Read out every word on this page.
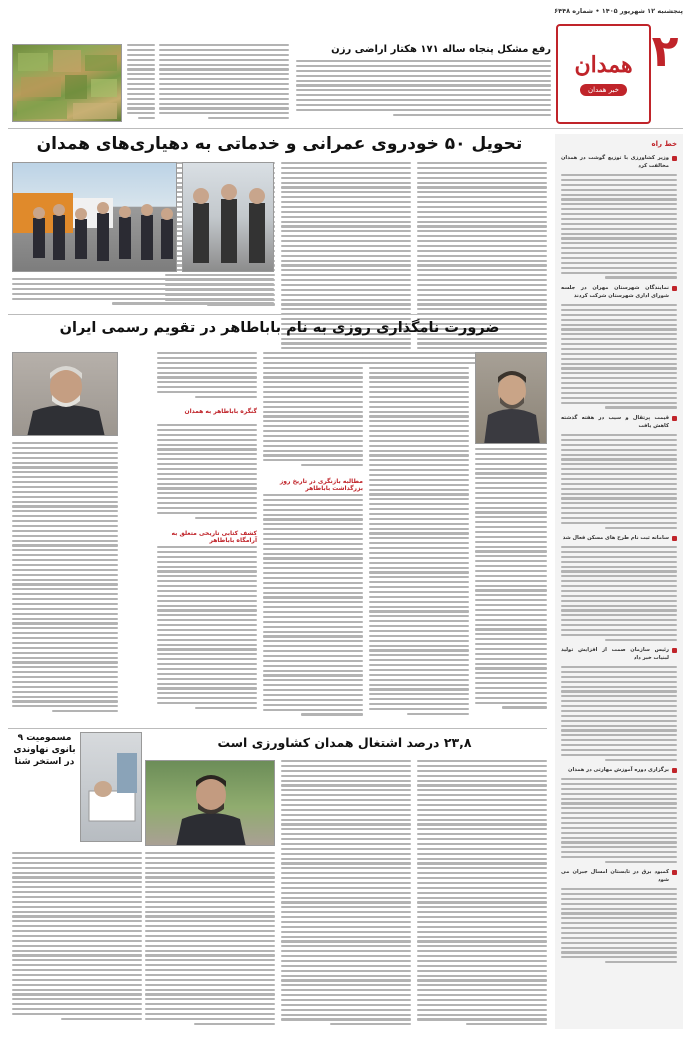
پنجشنبه ۱۲ شهریور ۱۴۰۵ • شماره ۶۴۴۸
۲
همدان
خبر همدان
رفع مشکل پنجاه ساله ۱۷۱ هکتار اراضی رزن
خط راه
وزیر کشاورزی با توزیع گوشت در همدان مخالفت کرد
نمایندگان شهرستان مهران در جلسه شورای اداری شهرستان شرکت کردند
قیمت پرتقال و سیب در هفته گذشته کاهش یافت
سامانه ثبت نام طرح های مسکن فعال شد
رئیس سازمان صمت از افزایش تولید لبنیات خبر داد
برگزاری دوره آموزش مهارتی در همدان
کمبود برق در تابستان امسال جبران می شود
تحویل ۵۰ خودروی عمرانی و خدماتی به دهیاری‌های همدان
ضرورت نامگذاری روزی به نام باباطاهر در تقویم رسمی ایران
مطالبه بازنگری در تاریخ روز بزرگداشت باباطاهر
گنگره باباطاهر به همدان
کشف کتابی تاریخی متعلق به آرامگاه باباطاهر
۲۳,۸ درصد اشتغال همدان کشاورزی است
مسمومیت ۹ بانوی نهاوندی در استخر شنا
